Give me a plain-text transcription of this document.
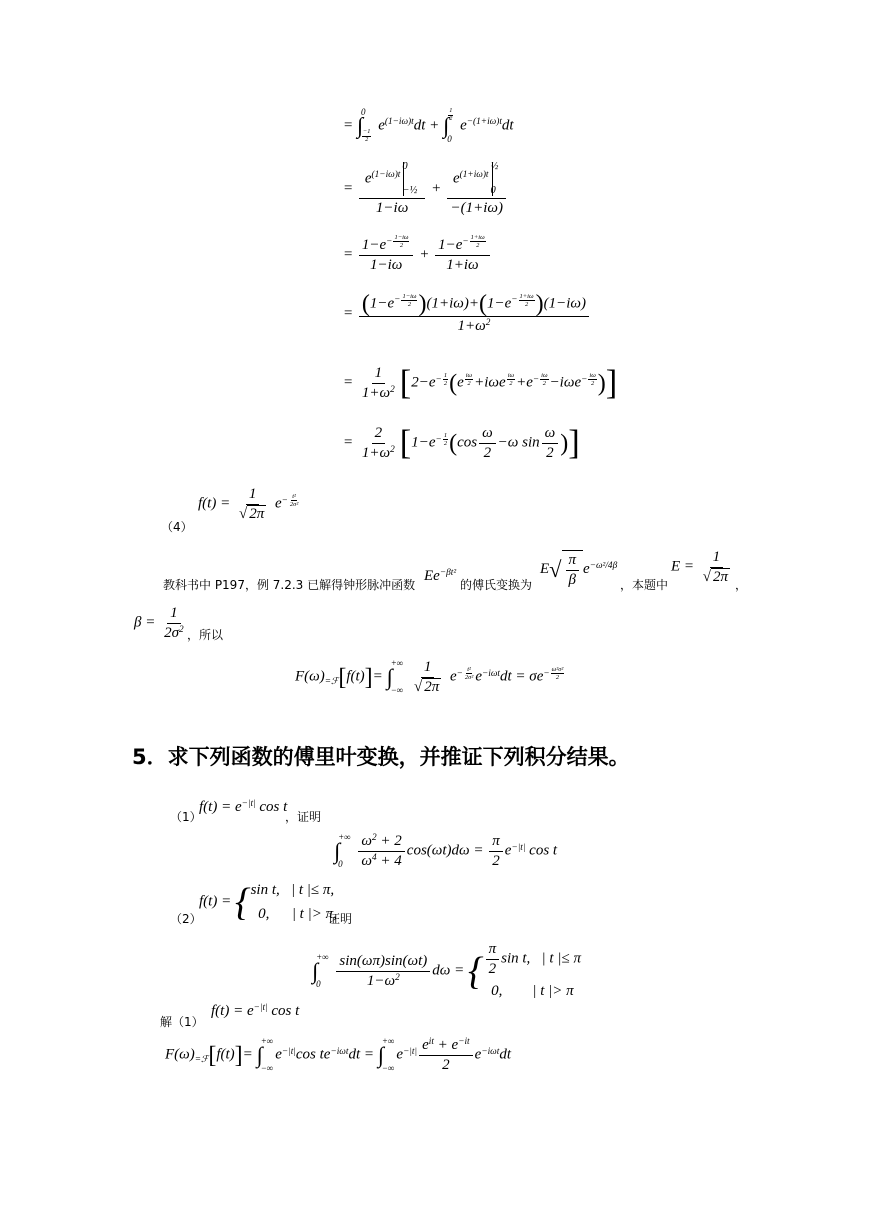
= ∫
0
$\frac{-1}{2}$
$e^{(1-i\omega)t}dt$ + ∫ $\frac{1}{2}$
0
$e^{-(1+i\omega)t}dt$
= $e^{(1-i\omega)t}$
0
−½
$1-i\omega + e^{(1+i\omega)t}$
½
0
−(1+iω)
= $1-e^{- \frac{1-i\omega}{2}}$
$1-i\omega + 1-e^{- \frac{1+i\omega}{2}}$
1+iω
= ($1-e^{- \frac{1-i\omega}{2}}$ )$(1+i\omega)+(1-e^{- \frac{1+i\omega}{2}}$ )(1−iω)
$1+\omega^2$
= $\frac{1}{1+\omega^2} [2-e^{- \frac{1}{2}}$ (e $^{\frac{i\omega}{2}}$ +iωe $^{\frac{i\omega}{2}} +e^{- \frac{i\omega}{2}} -i\omega e^{- \frac{i\omega}{2}}$ )]
= $\frac{2}{1+\omega^2} [1-e^{- \frac{1}{2}}$ ($\cos \frac{\omega}{2} -\omega$ $\sin \frac{\omega}{2}$ )]
$f(t) = \frac{1}{√ 2\pi} e^{- \frac{\text{t²}}{\text{2σ²}}}$
（4）
教科书中 P197，例 7.2.3 已解得钟形脉冲函数
$Ee^{-\beta t^2}$
的傅氏变换为
$E√ \frac{\pi}{\beta} e^{-\omega^2/4\beta}$
，本题中
$E = \frac{1}{√ 2\pi}$ ，
$\beta = \frac{1}{2\sigma^2}$ ，所以
$F(\omega)_{=ℱ}[f(t)]=$ ∫
+∞
−∞
$\frac{1}{√ 2\pi} e^{- \frac{\text{t²}}{\text{2σ²}}}$ $e^{-i\omega t}dt = \sigma e^{- \frac{\text{ω²σ²}}{2}}$
5．求下列函数的傅里叶变换，并推证下列积分结果。
（1）
$f(t) = e^{-|t|}$ cos t
，证明
∫
+∞
0
	$\frac{\omega^2 + 2}{\omega^4 + 4} \cos(\omega t)d\omega = \frac{\pi}{2} e^{-|t|}$ cos t
f(t) = { sin t,   | t |≤ π,
0,      | t |> π,
（2）	证明
∫
+∞
0
	$\frac{\sin(\omega\pi)\sin(\omega t)}{1-\omega^2}$ dω = { $\frac{\pi}{2}$ sin t,   | t |≤ π
0,        | t |> π
解（1）
$f(t) = e^{-|t|}$ cos t
$F(\omega)_{=ℱ}[f(t)]=$ ∫
+∞
−∞
$e^{-|t|}\cos$ $te^{-i\omega t}dt$ = ∫
+∞
−∞
$e^{-|t|} \frac{e^{it} + e^{-it}}{2} e^{-i\omega t}dt$
